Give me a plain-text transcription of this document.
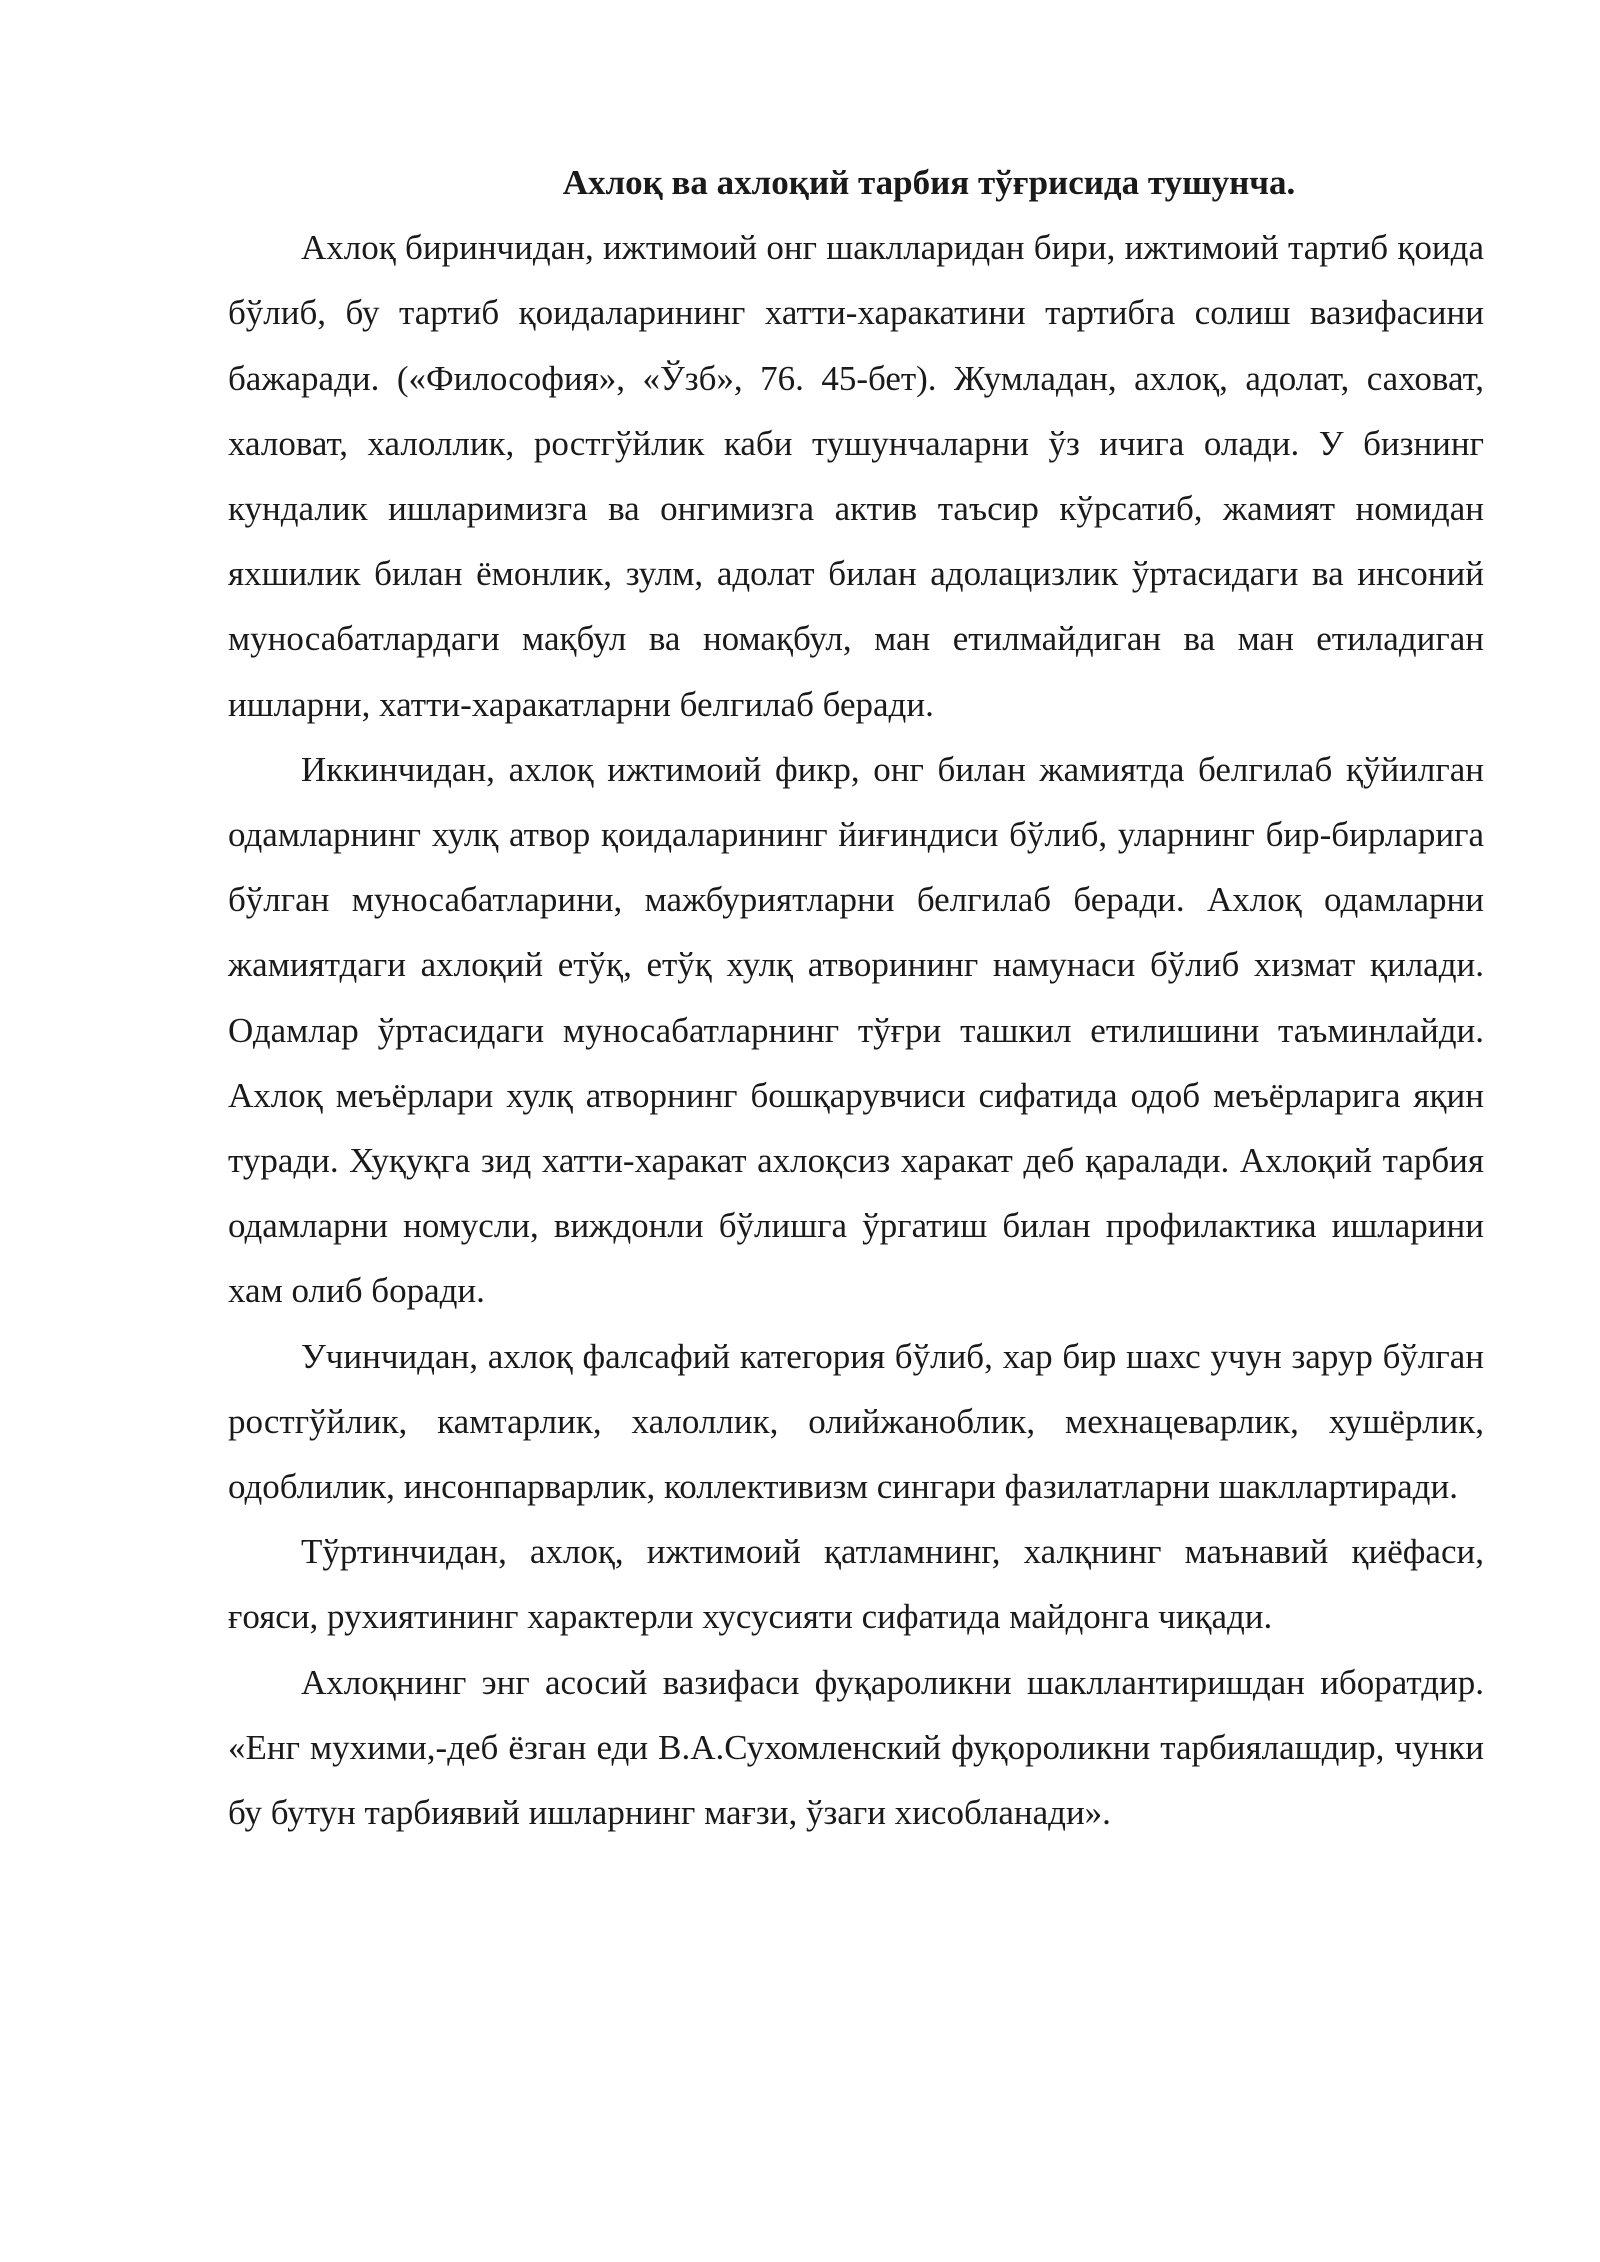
Ахлоқ ва ахлоқий тарбия тўғрисида тушунча.

Ахлоқ биринчидан, ижтимоий онг шаклларидан бири, ижтимоий тартиб қоида бўлиб, бу тартиб қоидаларининг хатти-харакатини тартибга солиш вазифасини бажаради. («Философия», «Ўзб», 76. 45-бет). Жумладан, ахлоқ, адолат, саховат, халоват, халоллик, ростгўйлик каби тушунчаларни ўз ичига олади. У бизнинг кундалик ишларимизга ва онгимизга актив таъсир кўрсатиб, жамият номидан яхшилик билан ёмонлик, зулм, адолат билан адолацизлик ўртасидаги ва инсоний муносабатлардаги мақбул ва номақбул, ман етилмайдиган ва ман етиладиган ишларни, хатти-харакатларни белгилаб беради.

Иккинчидан, ахлоқ ижтимоий фикр, онг билан жамиятда белгилаб қўйилган одамларнинг хулқ атвор қоидаларининг йиғиндиси бўлиб, уларнинг бир-бирларига бўлган муносабатларини, мажбуриятларни белгилаб беради. Ахлоқ одамларни жамиятдаги ахлоқий етўқ, етўқ хулқ атворининг намунаси бўлиб хизмат қилади. Одамлар ўртасидаги муносабатларнинг тўғри ташкил етилишини таъминлайди. Ахлоқ меъёрлари хулқ атворнинг бошқарувчиси сифатида одоб меъёрларига яқин туради. Хуқуқга зид хатти-харакат ахлоқсиз харакат деб қаралади. Ахлоқий тарбия одамларни номусли, виждонли бўлишга ўргатиш билан профилактика ишларини хам олиб боради.

Учинчидан, ахлоқ фалсафий категория бўлиб, хар бир шахс учун зарур бўлган ростгўйлик, камтарлик, халоллик, олийжаноблик, мехнацеварлик, хушёрлик, одоблилик, инсонпарварлик, коллективизм сингари фазилатларни шакллартиради.

Тўртинчидан, ахлоқ, ижтимоий қатламнинг, халқнинг маънавий қиёфаси, ғояси, рухиятининг характерли хусусияти сифатида майдонга чиқади.

Ахлоқнинг энг асосий вазифаси фуқароликни шакллантиришдан иборатдир. «Енг мухими,-деб ёзган еди В.А.Сухомленский фуқороликни тарбиялашдир, чунки бу бутун тарбиявий ишларнинг мағзи, ўзаги хисобланади».
